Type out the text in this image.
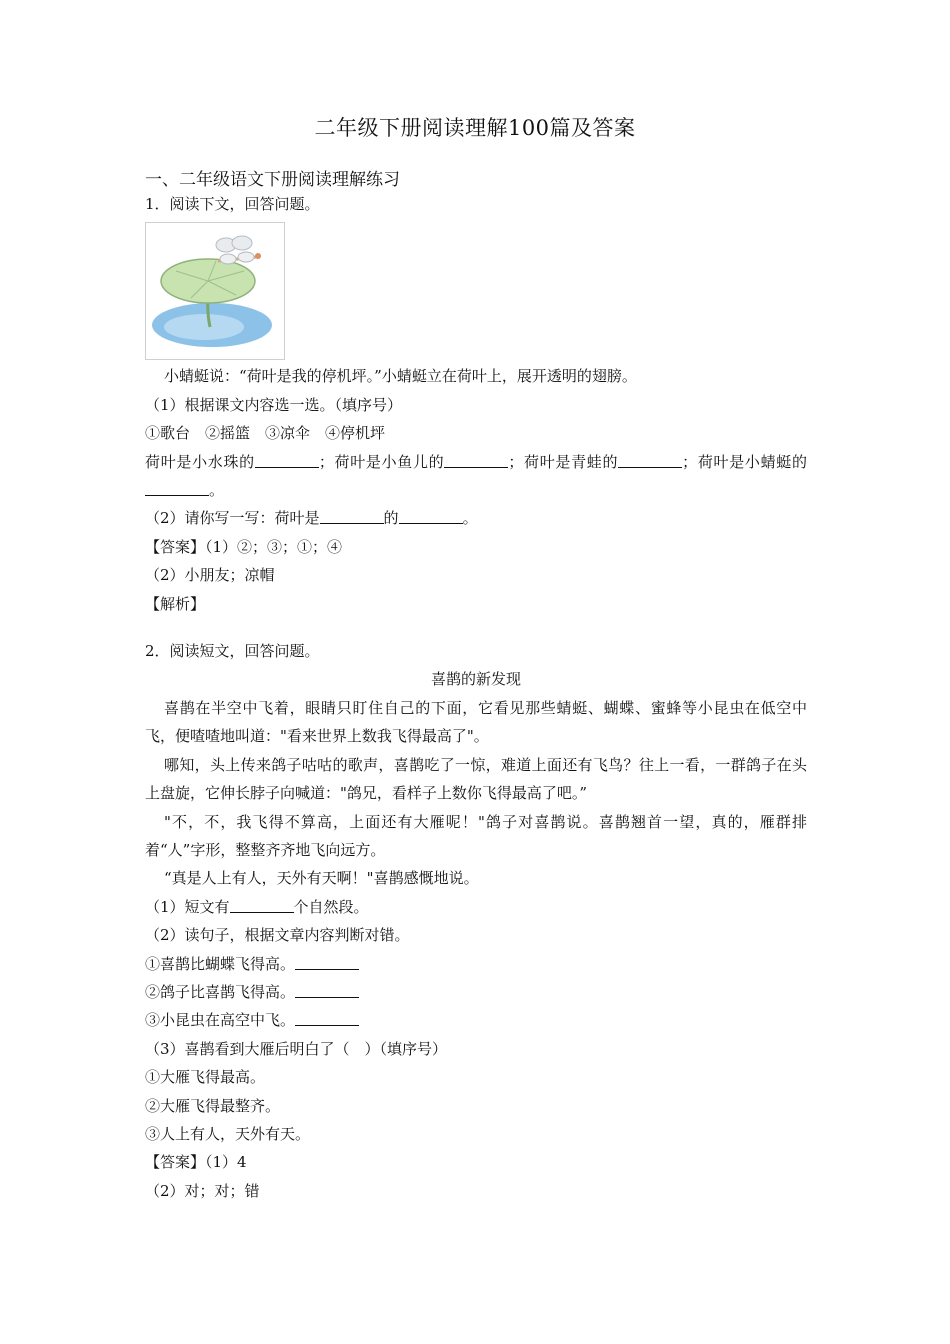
二年级下册阅读理解100篇及答案
一、二年级语文下册阅读理解练习
1．阅读下文，回答问题。
小蜻蜓说：“荷叶是我的停机坪。”小蜻蜓立在荷叶上，展开透明的翅膀。
（1）根据课文内容选一选。（填序号）
①歌台　②摇篮　③凉伞　④停机坪
荷叶是小水珠的	；荷叶是小鱼儿的	；荷叶是青蛙的	；荷叶是小蜻蜓的。
（2）请你写一写：荷叶是	的	。
【答案】（1）②；③；①；④
（2）小朋友；凉帽
【解析】
2．阅读短文，回答问题。
喜鹊的新发现
喜鹊在半空中飞着，眼睛只盯住自己的下面，它看见那些蜻蜓、蝴蝶、蜜蜂等小昆虫在低空中飞，便喳喳地叫道："看来世界上数我飞得最高了"。
哪知，头上传来鸽子咕咕的歌声，喜鹊吃了一惊，难道上面还有飞鸟？往上一看，一群鸽子在头上盘旋，它伸长脖子向喊道："鸽兄，看样子上数你飞得最高了吧。”
"不，不，我飞得不算高，上面还有大雁呢！"鸽子对喜鹊说。喜鹊翘首一望，真的，雁群排着“人”字形，整整齐齐地飞向远方。
“真是人上有人，天外有天啊！"喜鹊感慨地说。
（1）短文有	个自然段。
（2）读句子，根据文章内容判断对错。
①喜鹊比蝴蝶飞得高。
②鸽子比喜鹊飞得高。
③小昆虫在高空中飞。
（3）喜鹊看到大雁后明白了（　）（填序号）
①大雁飞得最高。
②大雁飞得最整齐。
③人上有人，天外有天。
【答案】（1）4
（2）对；对；错
